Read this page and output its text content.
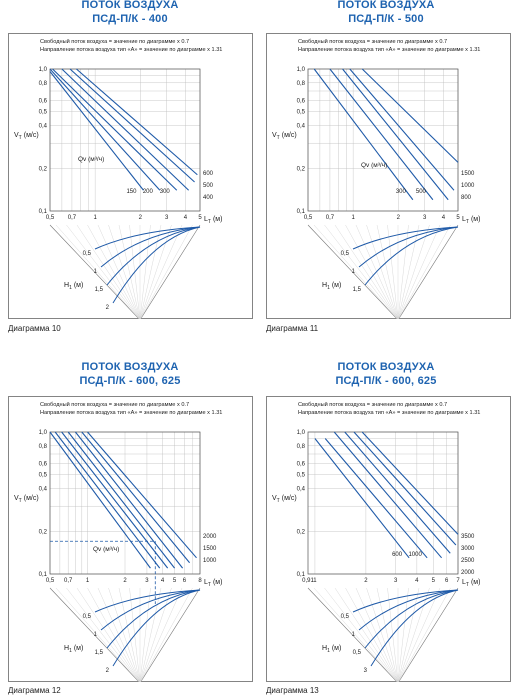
ПОТОК ВОЗДУХА
ПСД-П/К - 400
Свободный поток воздуха = значение по диаграмме x 0.7
Направление потока воздуха тип «А» = значение по диаграмме x 1.31
0,1
0,2
0,4
0,5
0,6
0,8
1,0
0,5 0,7	1	2	3	4 5
$V_T$ (м/с)
$L_T$ (м)
Qv (м³/ч)
150 200 300
600
500
400
0,5
1
1,5
2
$H_1$ (м)
Диаграмма 10
ПОТОК ВОЗДУХА
ПСД-П/К - 500
Свободный поток воздуха = значение по диаграмме x 0.7
Направление потока воздуха тип «А» = значение по диаграмме x 1.31
0,1
0,2
0,4
0,5
0,6
0,8
1,0
0,5 0,7	1	2	3	4 5
$V_T$ (м/с)
$L_T$ (м)
Qv (м³/ч)
300 500
1500
1000
800
0,5
1
1,5
$H_1$ (м)
Диаграмма 11
ПОТОК ВОЗДУХА
ПСД-П/К - 600, 625
Свободный поток воздуха = значение по диаграмме x 0.7
Направление потока воздуха тип «А» = значение по диаграмме x 1.31
0,1
0,2
0,4
0,5
0,6
0,8
1,0
0,5 0,7 1	2	3 4 5 6 8
$V_T$ (м/с)
$L_T$ (м)
Qv (м³/ч)
2000
1500
1000
0,5
1
1,5
2
$H_1$ (м)
Диаграмма 12
ПОТОК ВОЗДУХА
ПСД-П/К - 600, 625
Свободный поток воздуха = значение по диаграмме x 0.7
Направление потока воздуха тип «А» = значение по диаграмме x 1.31
0,1
0,2
0,4
0,5
0,6
0,8
1,0
0,91 1	2	3	4 5 6 7
$V_T$ (м/с)
$L_T$ (м)
600 1000
3500
3000
2500
2000
0,5
1
0,5
3
$H_1$ (м)
Диаграмма 13
